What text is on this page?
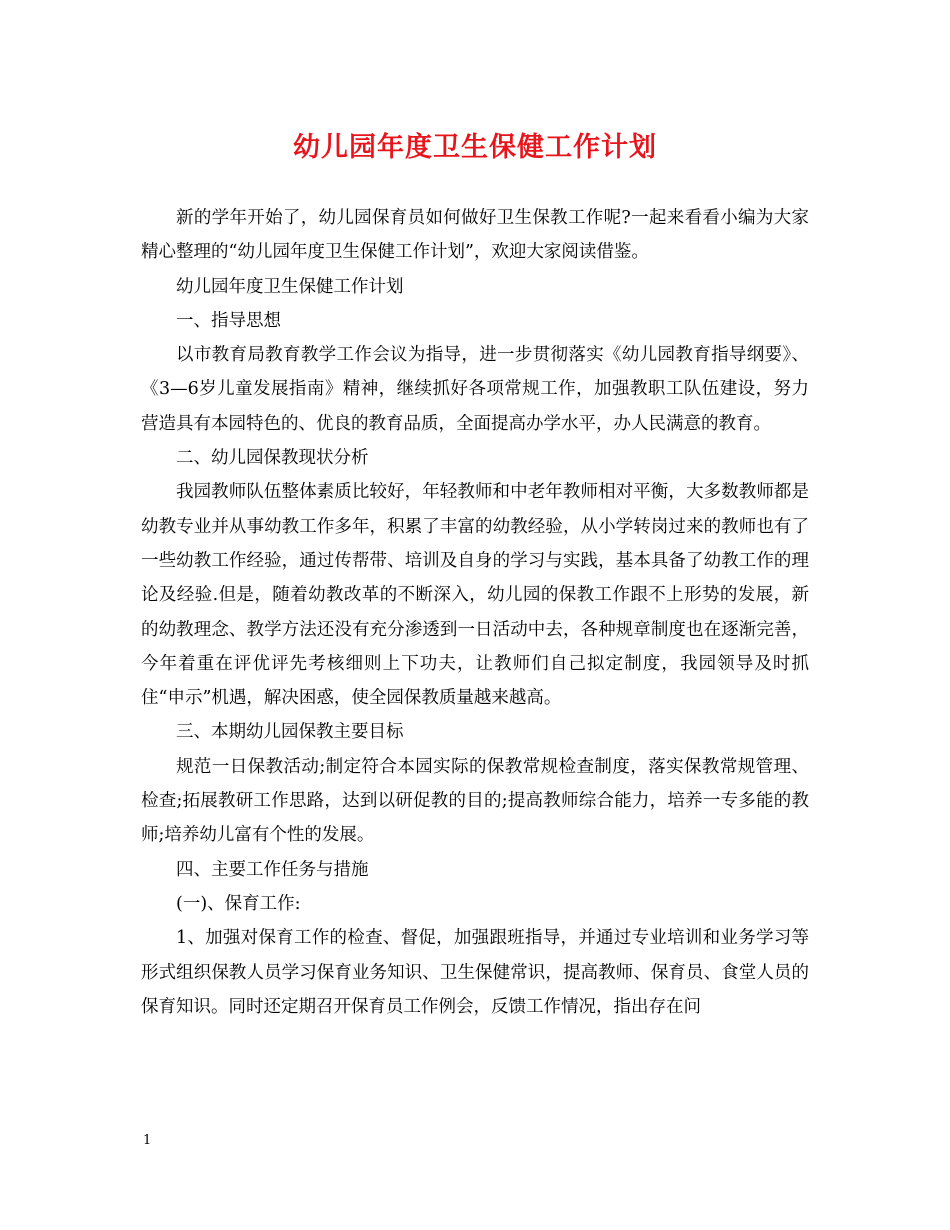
幼儿园年度卫生保健工作计划

新的学年开始了，幼儿园保育员如何做好卫生保教工作呢?一起来看看小编为大家精心整理的“幼儿园年度卫生保健工作计划”，欢迎大家阅读借鉴。

幼儿园年度卫生保健工作计划

一、指导思想

以市教育局教育教学工作会议为指导，进一步贯彻落实《幼儿园教育指导纲要》、《3—6岁儿童发展指南》精神，继续抓好各项常规工作，加强教职工队伍建设，努力营造具有本园特色的、优良的教育品质，全面提高办学水平，办人民满意的教育。

二、幼儿园保教现状分析

我园教师队伍整体素质比较好，年轻教师和中老年教师相对平衡，大多数教师都是幼教专业并从事幼教工作多年，积累了丰富的幼教经验，从小学转岗过来的教师也有了一些幼教工作经验，通过传帮带、培训及自身的学习与实践，基本具备了幼教工作的理论及经验.但是，随着幼教改革的不断深入，幼儿园的保教工作跟不上形势的发展，新的幼教理念、教学方法还没有充分渗透到一日活动中去，各种规章制度也在逐渐完善，今年着重在评优评先考核细则上下功夫，让教师们自己拟定制度，我园领导及时抓住“申示”机遇，解决困惑，使全园保教质量越来越高。

三、本期幼儿园保教主要目标

规范一日保教活动;制定符合本园实际的保教常规检查制度，落实保教常规管理、检查;拓展教研工作思路，达到以研促教的目的;提高教师综合能力，培养一专多能的教师;培养幼儿富有个性的发展。

四、主要工作任务与措施

(一)、保育工作:

1、加强对保育工作的检查、督促，加强跟班指导，并通过专业培训和业务学习等形式组织保教人员学习保育业务知识、卫生保健常识，提高教师、保育员、食堂人员的保育知识。同时还定期召开保育员工作例会，反馈工作情况，指出存在问

1
